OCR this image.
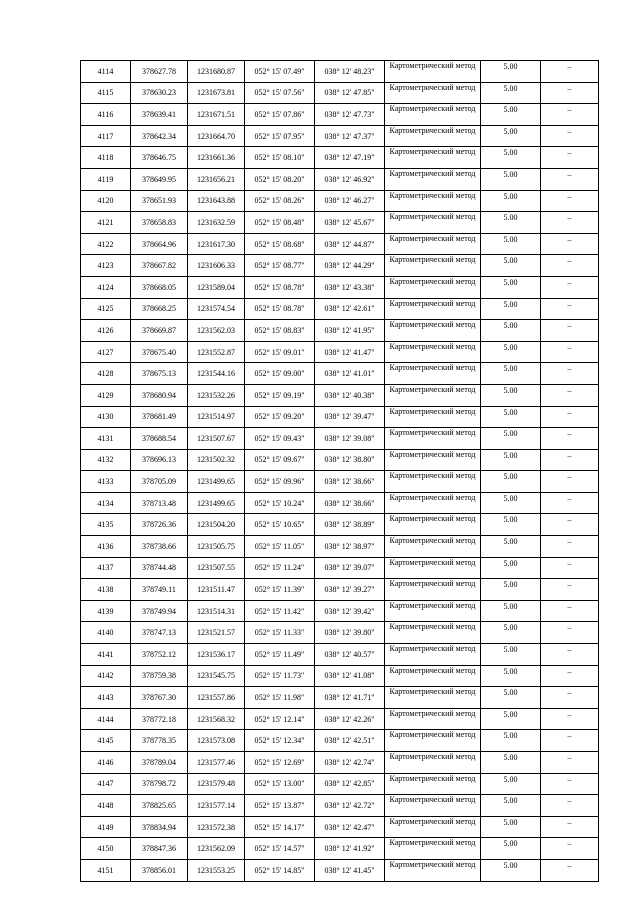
4114	378627.78	1231680.87	052° 15' 07.49"	038° 12' 48.23"	Картометрический метод	5.00	–
4115	378630.23	1231673.81	052° 15' 07.56"	038° 12' 47.85"	Картометрический метод	5.00	–
4116	378639.41	1231671.51	052° 15' 07.86"	038° 12' 47.73"	Картометрический метод	5.00	–
4117	378642.34	1231664.70	052° 15' 07.95"	038° 12' 47.37"	Картометрический метод	5.00	–
4118	378646.75	1231661.36	052° 15' 08.10"	038° 12' 47.19"	Картометрический метод	5.00	–
4119	378649.95	1231656.21	052° 15' 08.20"	038° 12' 46.92"	Картометрический метод	5.00	–
4120	378651.93	1231643.88	052° 15' 08.26"	038° 12' 46.27"	Картометрический метод	5.00	–
4121	378658.83	1231632.59	052° 15' 08.48"	038° 12' 45.67"	Картометрический метод	5.00	–
4122	378664.96	1231617.30	052° 15' 08.68"	038° 12' 44.87"	Картометрический метод	5.00	–
4123	378667.82	1231606.33	052° 15' 08.77"	038° 12' 44.29"	Картометрический метод	5.00	–
4124	378668.05	1231589.04	052° 15' 08.78"	038° 12' 43.38"	Картометрический метод	5.00	–
4125	378668.25	1231574.54	052° 15' 08.78"	038° 12' 42.61"	Картометрический метод	5.00	–
4126	378669.87	1231562.03	052° 15' 08.83"	038° 12' 41.95"	Картометрический метод	5.00	–
4127	378675.40	1231552.87	052° 15' 09.01"	038° 12' 41.47"	Картометрический метод	5.00	–
4128	378675.13	1231544.16	052° 15' 09.00"	038° 12' 41.01"	Картометрический метод	5.00	–
4129	378680.94	1231532.26	052° 15' 09.19"	038° 12' 40.38"	Картометрический метод	5.00	–
4130	378681.49	1231514.97	052° 15' 09.20"	038° 12' 39.47"	Картометрический метод	5.00	–
4131	378688.54	1231507.67	052° 15' 09.43"	038° 12' 39.08"	Картометрический метод	5.00	–
4132	378696.13	1231502.32	052° 15' 09.67"	038° 12' 38.80"	Картометрический метод	5.00	–
4133	378705.09	1231499.65	052° 15' 09.96"	038° 12' 38.66"	Картометрический метод	5.00	–
4134	378713.48	1231499.65	052° 15' 10.24"	038° 12' 38.66"	Картометрический метод	5.00	–
4135	378726.36	1231504.20	052° 15' 10.65"	038° 12' 38.89"	Картометрический метод	5.00	–
4136	378738.66	1231505.75	052° 15' 11.05"	038° 12' 38.97"	Картометрический метод	5.00	–
4137	378744.48	1231507.55	052° 15' 11.24"	038° 12' 39.07"	Картометрический метод	5.00	–
4138	378749.11	1231511.47	052° 15' 11.39"	038° 12' 39.27"	Картометрический метод	5.00	–
4139	378749.94	1231514.31	052° 15' 11.42"	038° 12' 39.42"	Картометрический метод	5.00	–
4140	378747.13	1231521.57	052° 15' 11.33"	038° 12' 39.80"	Картометрический метод	5.00	–
4141	378752.12	1231536.17	052° 15' 11.49"	038° 12' 40.57"	Картометрический метод	5.00	–
4142	378759.38	1231545.75	052° 15' 11.73"	038° 12' 41.08"	Картометрический метод	5.00	–
4143	378767.30	1231557.86	052° 15' 11.98"	038° 12' 41.71"	Картометрический метод	5.00	–
4144	378772.18	1231568.32	052° 15' 12.14"	038° 12' 42.26"	Картометрический метод	5.00	–
4145	378778.35	1231573.08	052° 15' 12.34"	038° 12' 42.51"	Картометрический метод	5.00	–
4146	378789.04	1231577.46	052° 15' 12.69"	038° 12' 42.74"	Картометрический метод	5.00	–
4147	378798.72	1231579.48	052° 15' 13.00"	038° 12' 42.85"	Картометрический метод	5.00	–
4148	378825.65	1231577.14	052° 15' 13.87"	038° 12' 42.72"	Картометрический метод	5.00	–
4149	378834.94	1231572.38	052° 15' 14.17"	038° 12' 42.47"	Картометрический метод	5.00	–
4150	378847.36	1231562.09	052° 15' 14.57"	038° 12' 41.92"	Картометрический метод	5.00	–
4151	378856.01	1231553.25	052° 15' 14.85"	038° 12' 41.45"	Картометрический метод	5.00	–
